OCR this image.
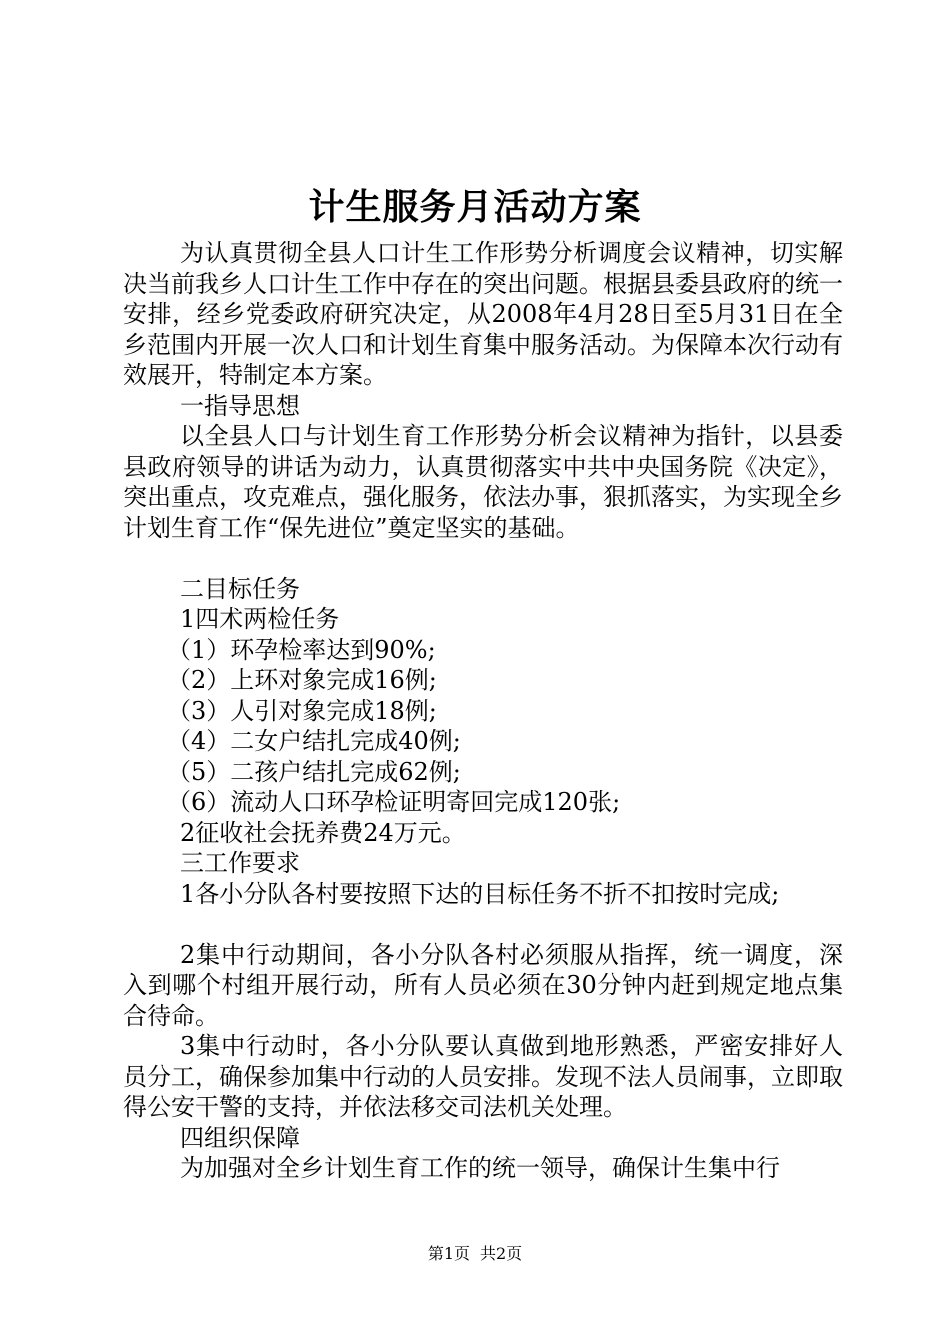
计生服务月活动方案

为认真贯彻全县人口计生工作形势分析调度会议精神，切实解决当前我乡人口计生工作中存在的突出问题。根据县委县政府的统一安排，经乡党委政府研究决定，从2008年4月28日至5月31日在全乡范围内开展一次人口和计划生育集中服务活动。为保障本次行动有效展开，特制定本方案。

一指导思想

以全县人口与计划生育工作形势分析会议精神为指针，以县委县政府领导的讲话为动力，认真贯彻落实中共中央国务院《决定》，突出重点，攻克难点，强化服务，依法办事，狠抓落实，为实现全乡计划生育工作“保先进位”奠定坚实的基础。

二目标任务

1四术两检任务

（1）环孕检率达到90%;

（2）上环对象完成16例;

（3）人引对象完成18例;

（4）二女户结扎完成40例;

（5）二孩户结扎完成62例;

（6）流动人口环孕检证明寄回完成120张;

2征收社会抚养费24万元。

三工作要求

1各小分队各村要按照下达的目标任务不折不扣按时完成;

2集中行动期间，各小分队各村必须服从指挥，统一调度，深入到哪个村组开展行动，所有人员必须在30分钟内赶到规定地点集合待命。

3集中行动时，各小分队要认真做到地形熟悉，严密安排好人员分工，确保参加集中行动的人员安排。发现不法人员闹事，立即取得公安干警的支持，并依法移交司法机关处理。

四组织保障

为加强对全乡计划生育工作的统一领导，确保计生集中行

第1页 共2页
